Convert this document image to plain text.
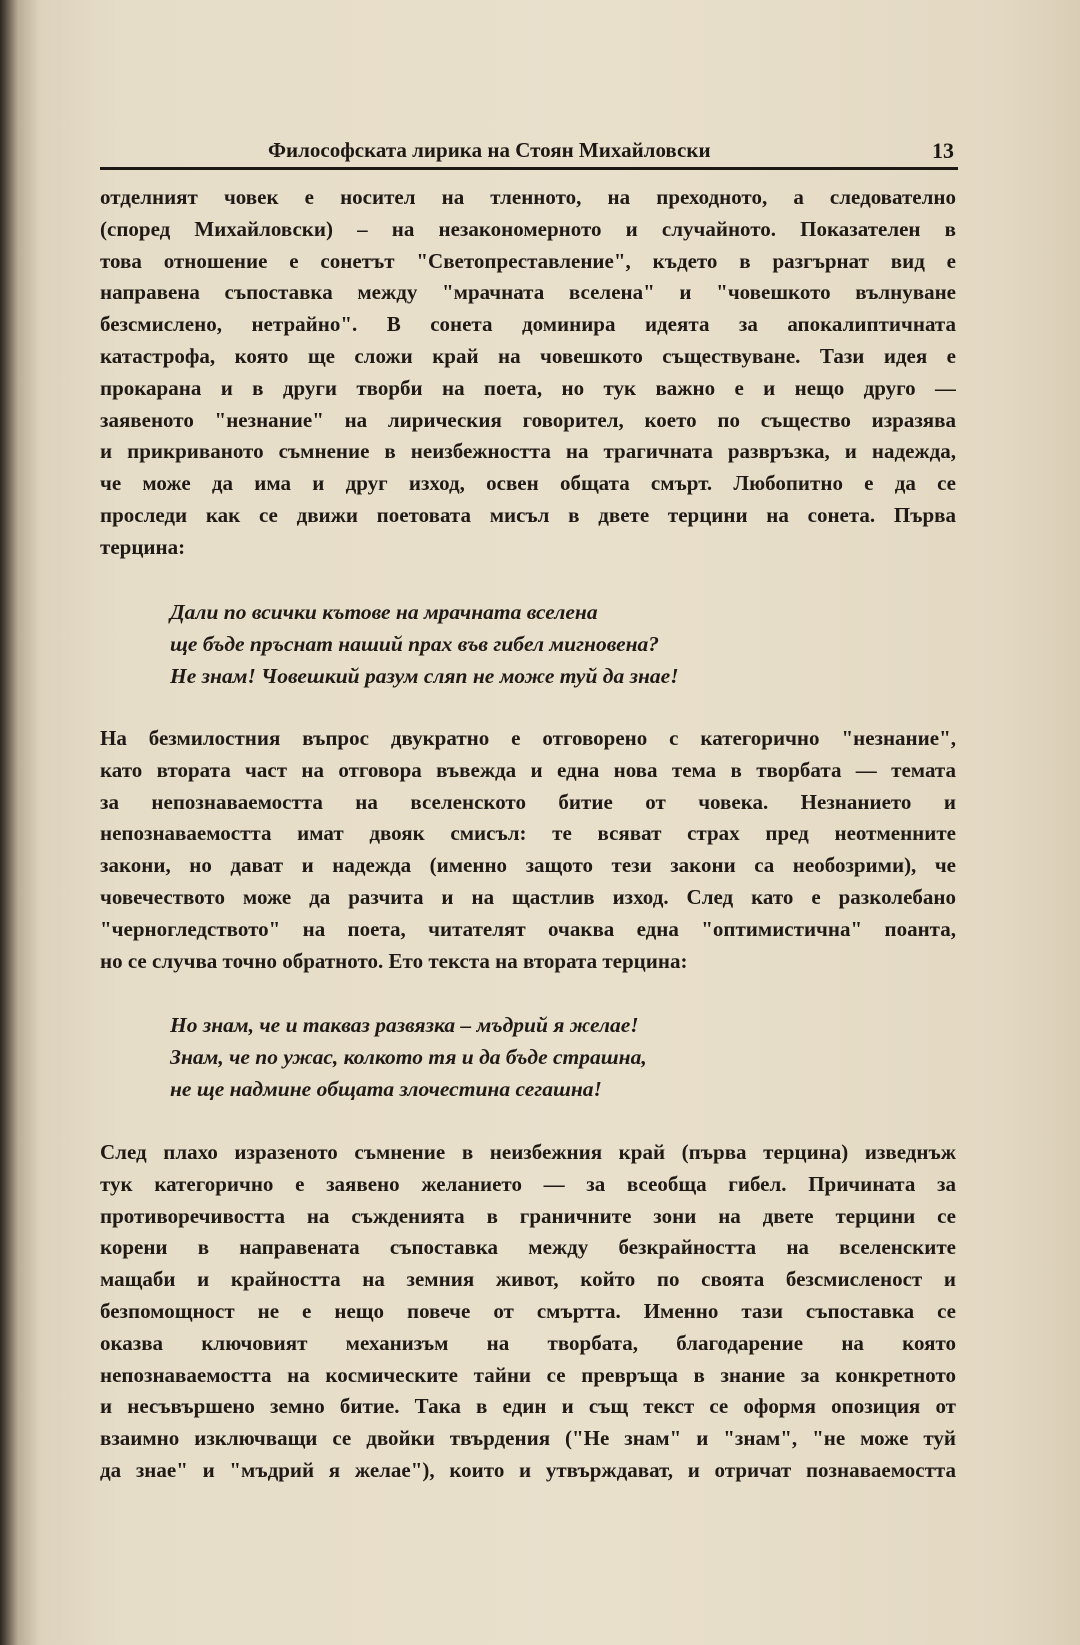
Философската лирика на Стоян Михайловски	13
отделният човек е носител на тленното, на преходното, а следователно
(според Михайловски) – на незакономерното и случайното. Показателен в
това отношение е сонетът "Светопреставление", където в разгърнат вид е
направена съпоставка между "мрачната вселена" и "човешкото вълнуване
безсмислено, нетрайно". В сонета доминира идеята за апокалиптичната
катастрофа, която ще сложи край на човешкото съществуване. Тази идея е
прокарана и в други творби на поета, но тук важно е и нещо друго —
заявеното "незнание" на лирическия говорител, което по същество изразява
и прикриваното съмнение в неизбежността на трагичната развръзка, и надежда,
че може да има и друг изход, освен общата смърт. Любопитно е да се
проследи как се движи поетовата мисъл в двете терцини на сонета. Първа
терцина:
Дали по всички кътове на мрачната вселена
ще бъде пръснат наший прах във гибел мигновена?
Не знам! Човешкий разум сляп не може туй да знае!
На безмилостния въпрос двукратно е отговорено с категорично "незнание",
като втората част на отговора въвежда и една нова тема в творбата — темата
за непознаваемостта на вселенското битие от човека. Незнанието и
непознаваемостта имат двояк смисъл: те всяват страх пред неотменните
закони, но дават и надежда (именно защото тези закони са необозрими), че
човечеството може да разчита и на щастлив изход. След като е разколебано
"черногледството" на поета, читателят очаква една "оптимистична" поанта,
но се случва точно обратното. Ето текста на втората терцина:
Но знам, че и такваз развязка – мъдрий я желае!
Знам, че по ужас, колкото тя и да бъде страшна,
не ще надмине общата злочестина сегашна!
След плахо изразеното съмнение в неизбежния край (първа терцина) изведнъж
тук категорично е заявено желанието — за всеобща гибел. Причината за
противоречивостта на съжденията в граничните зони на двете терцини се
корени в направената съпоставка между безкрайността на вселенските
мащаби и крайността на земния живот, който по своята безсмисленост и
безпомощност не е нещо повече от смъртта. Именно тази съпоставка се
оказва ключовият механизъм на творбата, благодарение на която
непознаваемостта на космическите тайни се превръща в знание за конкретното
и несъвършено земно битие. Така в един и същ текст се оформя опозиция от
взаимно изключващи се двойки твърдения ("Не знам" и "знам", "не може туй
да знае" и "мъдрий я желае"), които и утвърждават, и отричат познаваемостта
